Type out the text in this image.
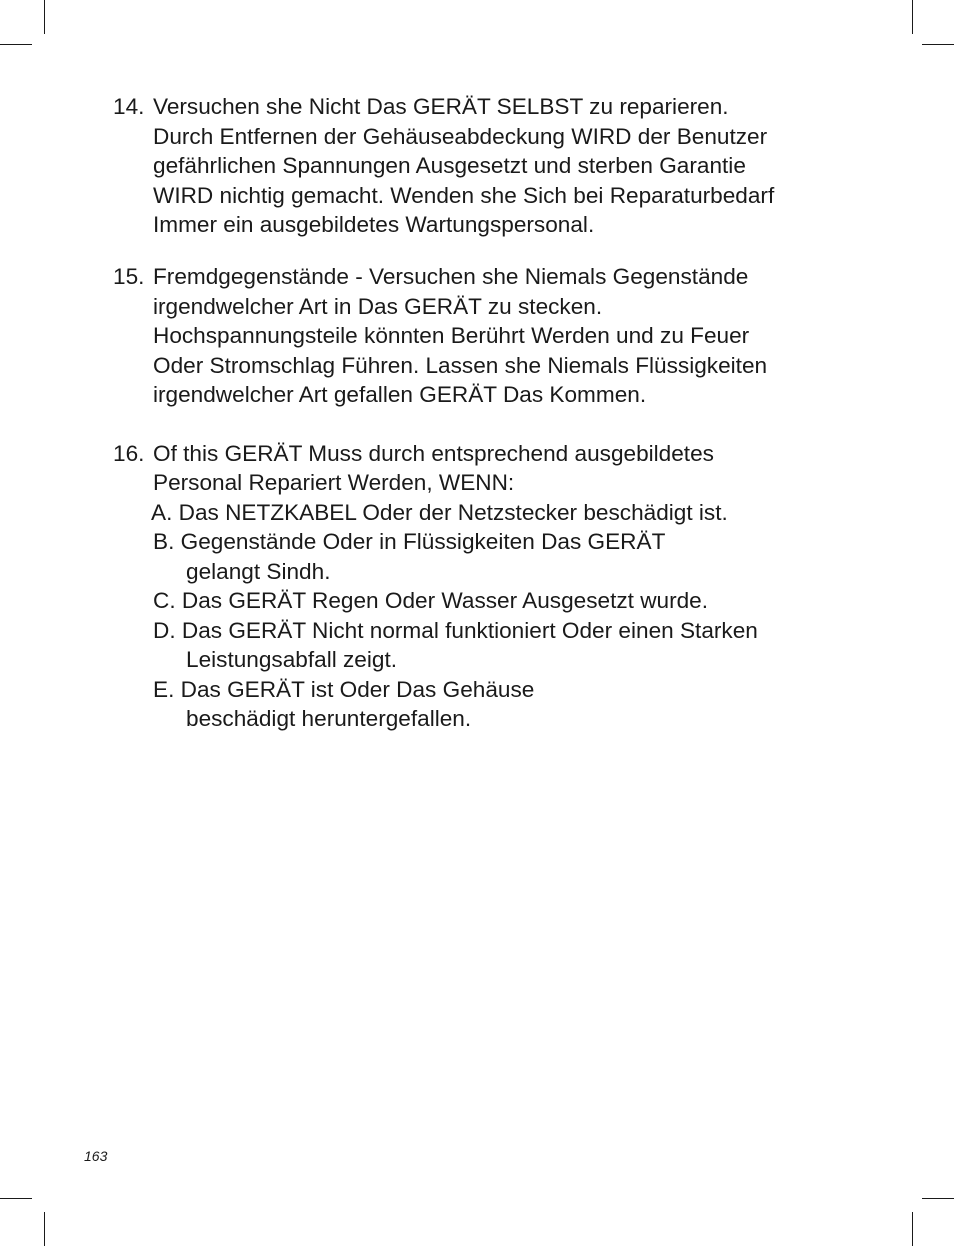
14. Versuchen she Nicht Das GERÄT SELBST zu reparieren.
Durch Entfernen der Gehäuseabdeckung WIRD der Benutzer
gefährlichen Spannungen Ausgesetzt und sterben Garantie
WIRD nichtig gemacht. Wenden she Sich bei Reparaturbedarf
Immer ein ausgebildetes Wartungspersonal.
15. Fremdgegenstände - Versuchen she Niemals Gegenstände
irgendwelcher Art in Das GERÄT zu stecken.
Hochspannungsteile könnten Berührt Werden und zu Feuer
Oder Stromschlag Führen. Lassen she Niemals Flüssigkeiten
irgendwelcher Art gefallen GERÄT Das Kommen.
16. Of this GERÄT Muss durch entsprechend ausgebildetes
Personal Repariert Werden, WENN:
A. Das NETZKABEL Oder der Netzstecker beschädigt ist.
B. Gegenstände Oder in Flüssigkeiten Das GERÄT
gelangt Sindh.
C. Das GERÄT Regen Oder Wasser Ausgesetzt wurde.
D. Das GERÄT Nicht normal funktioniert Oder einen Starken
Leistungsabfall zeigt.
E. Das GERÄT ist Oder Das Gehäuse
beschädigt heruntergefallen.
163
